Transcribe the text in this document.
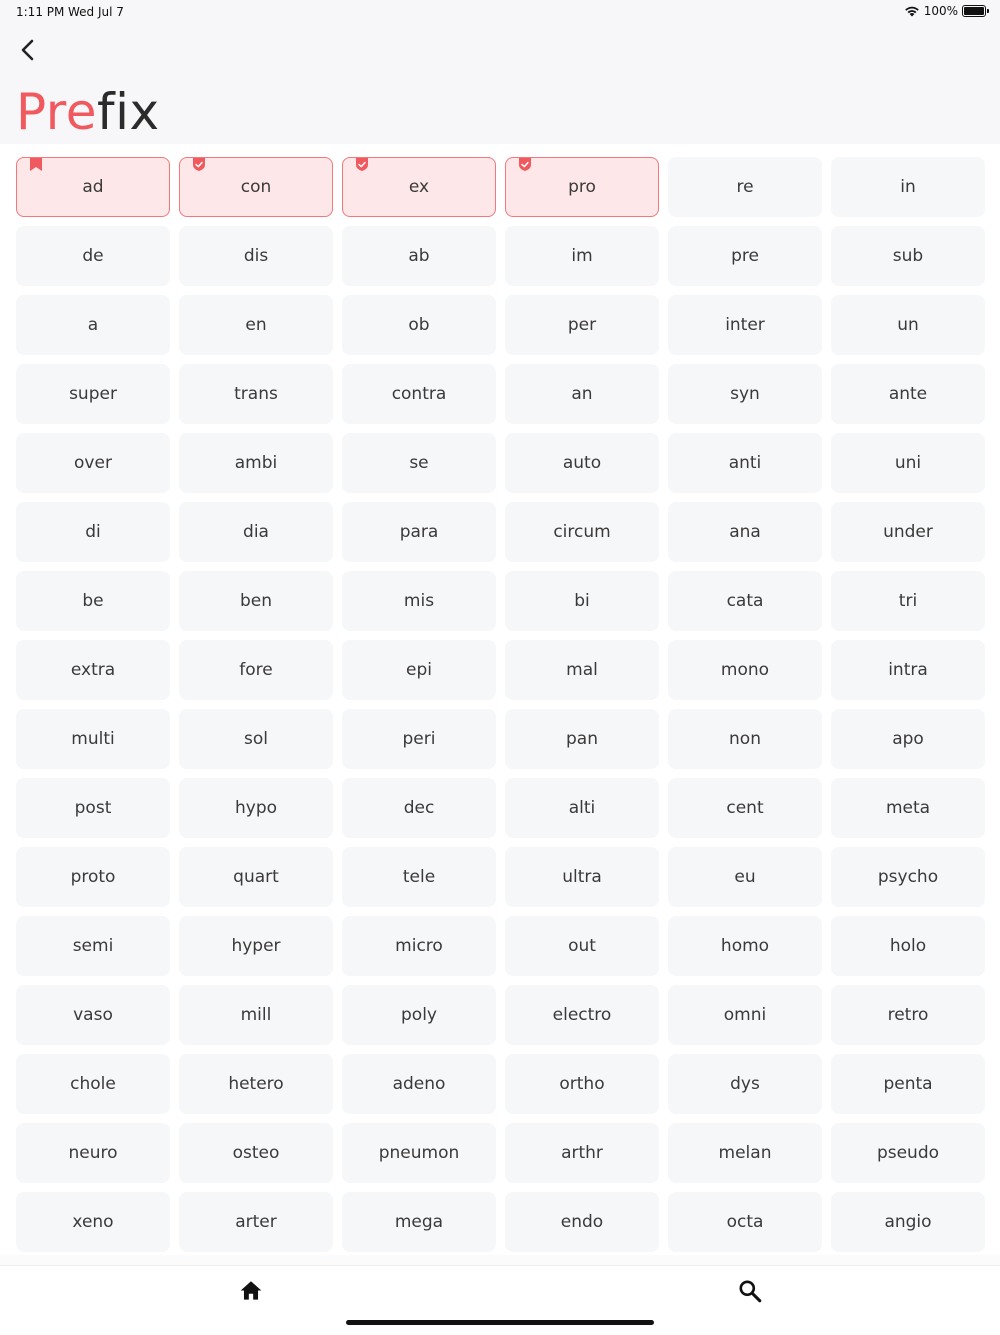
1:11 PM Wed Jul 7	100%
Prefix
ad	con	ex	pro	re	in
de	dis	ab	im	pre	sub
a	en	ob	per	inter	un
super	trans	contra	an	syn	ante
over	ambi	se	auto	anti	uni
di	dia	para	circum	ana	under
be	ben	mis	bi	cata	tri
extra	fore	epi	mal	mono	intra
multi	sol	peri	pan	non	apo
post	hypo	dec	alti	cent	meta
proto	quart	tele	ultra	eu	psycho
semi	hyper	micro	out	homo	holo
vaso	mill	poly	electro	omni	retro
chole	hetero	adeno	ortho	dys	penta
neuro	osteo	pneumon	arthr	melan	pseudo
xeno	arter	mega	endo	octa	angio
